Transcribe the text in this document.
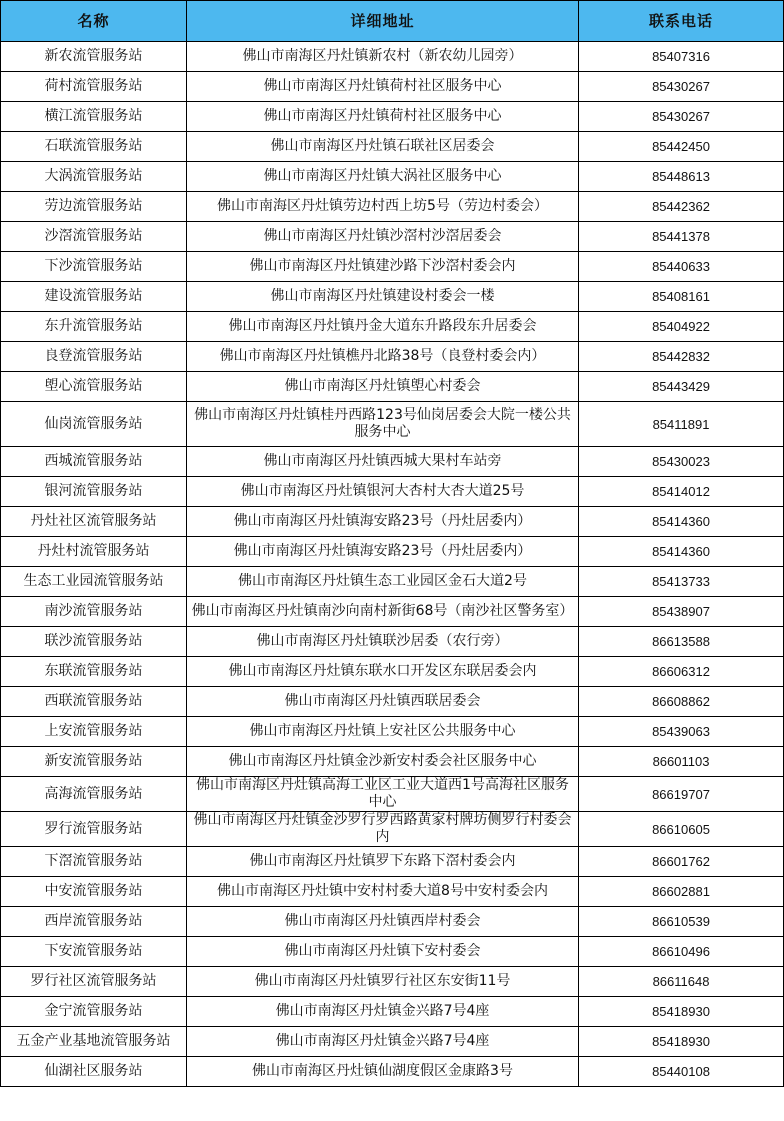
名称	详细地址	联系电话
新农流管服务站	佛山市南海区丹灶镇新农村（新农幼儿园旁）	85407316
荷村流管服务站	佛山市南海区丹灶镇荷村社区服务中心	85430267
横江流管服务站	佛山市南海区丹灶镇荷村社区服务中心	85430267
石联流管服务站	佛山市南海区丹灶镇石联社区居委会	85442450
大涡流管服务站	佛山市南海区丹灶镇大涡社区服务中心	85448613
劳边流管服务站	佛山市南海区丹灶镇劳边村西上坊5号（劳边村委会）	85442362
沙滘流管服务站	佛山市南海区丹灶镇沙滘村沙滘居委会	85441378
下沙流管服务站	佛山市南海区丹灶镇建沙路下沙滘村委会内	85440633
建设流管服务站	佛山市南海区丹灶镇建设村委会一楼	85408161
东升流管服务站	佛山市南海区丹灶镇丹金大道东升路段东升居委会	85404922
良登流管服务站	佛山市南海区丹灶镇樵丹北路38号（良登村委会内）	85442832
塱心流管服务站	佛山市南海区丹灶镇塱心村委会	85443429
仙岗流管服务站	佛山市南海区丹灶镇桂丹西路123号仙岗居委会大院一楼公共服务中心	85411891
西城流管服务站	佛山市南海区丹灶镇西城大果村车站旁	85430023
银河流管服务站	佛山市南海区丹灶镇银河大杏村大杏大道25号	85414012
丹灶社区流管服务站	佛山市南海区丹灶镇海安路23号（丹灶居委内）	85414360
丹灶村流管服务站	佛山市南海区丹灶镇海安路23号（丹灶居委内）	85414360
生态工业园流管服务站	佛山市南海区丹灶镇生态工业园区金石大道2号	85413733
南沙流管服务站	佛山市南海区丹灶镇南沙向南村新街68号（南沙社区警务室）	85438907
联沙流管服务站	佛山市南海区丹灶镇联沙居委（农行旁）	86613588
东联流管服务站	佛山市南海区丹灶镇东联水口开发区东联居委会内	86606312
西联流管服务站	佛山市南海区丹灶镇西联居委会	86608862
上安流管服务站	佛山市南海区丹灶镇上安社区公共服务中心	85439063
新安流管服务站	佛山市南海区丹灶镇金沙新安村委会社区服务中心	86601103
高海流管服务站	佛山市南海区丹灶镇高海工业区工业大道西1号高海社区服务中心	86619707
罗行流管服务站	佛山市南海区丹灶镇金沙罗行罗西路黄家村牌坊侧罗行村委会内	86610605
下滘流管服务站	佛山市南海区丹灶镇罗下东路下滘村委会内	86601762
中安流管服务站	佛山市南海区丹灶镇中安村村委大道8号中安村委会内	86602881
西岸流管服务站	佛山市南海区丹灶镇西岸村委会	86610539
下安流管服务站	佛山市南海区丹灶镇下安村委会	86610496
罗行社区流管服务站	佛山市南海区丹灶镇罗行社区东安街11号	86611648
金宁流管服务站	佛山市南海区丹灶镇金兴路7号4座	85418930
五金产业基地流管服务站	佛山市南海区丹灶镇金兴路7号4座	85418930
仙湖社区服务站	佛山市南海区丹灶镇仙湖度假区金康路3号	85440108
